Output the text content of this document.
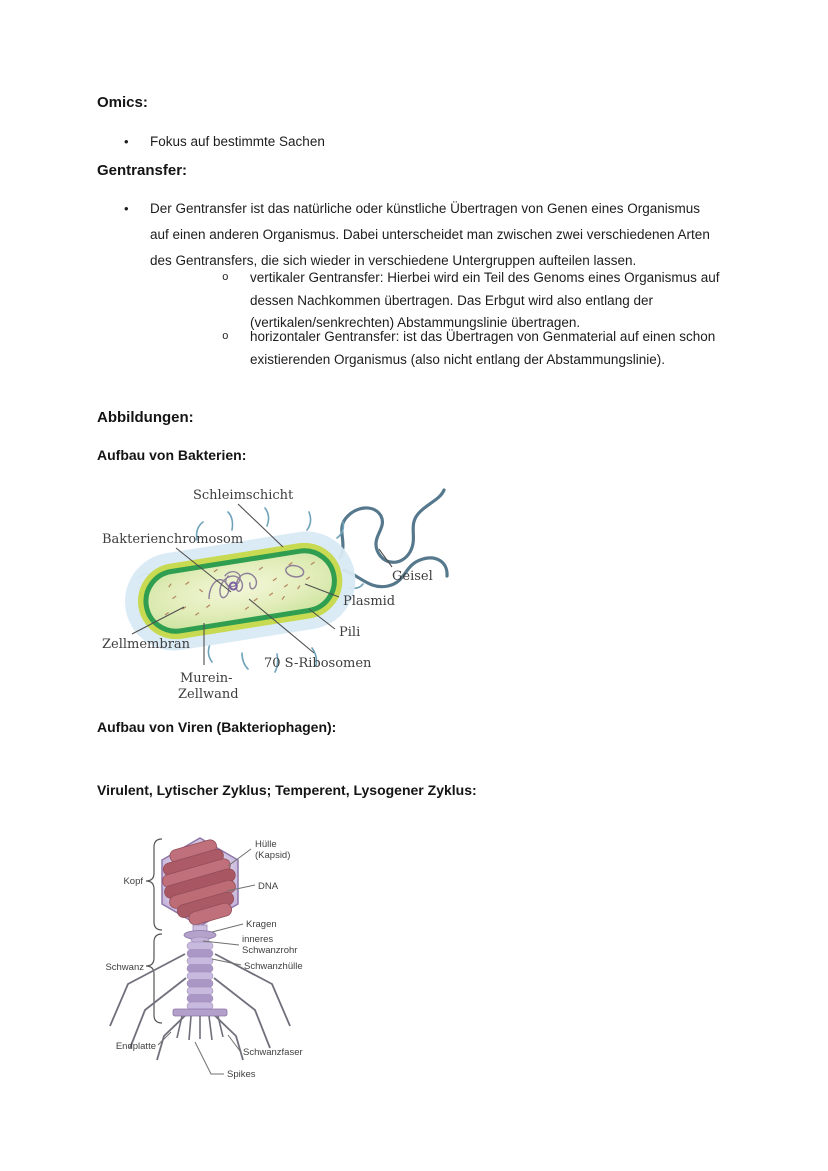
Omics:
•	Fokus auf bestimmte Sachen
Gentransfer:
•	Der Gentransfer ist das natürliche oder künstliche Übertragen von Genen eines Organismus
auf einen anderen Organismus. Dabei unterscheidet man zwischen zwei verschiedenen Arten
des Gentransfers, die sich wieder in verschiedene Untergruppen aufteilen lassen.
o	vertikaler Gentransfer: Hierbei wird ein Teil des Genoms eines Organismus auf
dessen Nachkommen übertragen. Das Erbgut wird also entlang der
(vertikalen/senkrechten) Abstammungslinie übertragen.
o	horizontaler Gentransfer: ist das Übertragen von Genmaterial auf einen schon
existierenden Organismus (also nicht entlang der Abstammungslinie).
Abbildungen:
Aufbau von Bakterien:
Schleimschicht
Bakterienchromosom
Geisel
Plasmid
Pili
Zellmembran
70 S-Ribosomen
Murein-
Zellwand
Aufbau von Viren (Bakteriophagen):
Virulent, Lytischer Zyklus; Temperent, Lysogener Zyklus:
Hülle
(Kapsid)
DNA
Kragen
inneres
Schwanzrohr
Schwanzhülle
Schwanzfaser
Spikes
Endplatte
Kopf
Schwanz
